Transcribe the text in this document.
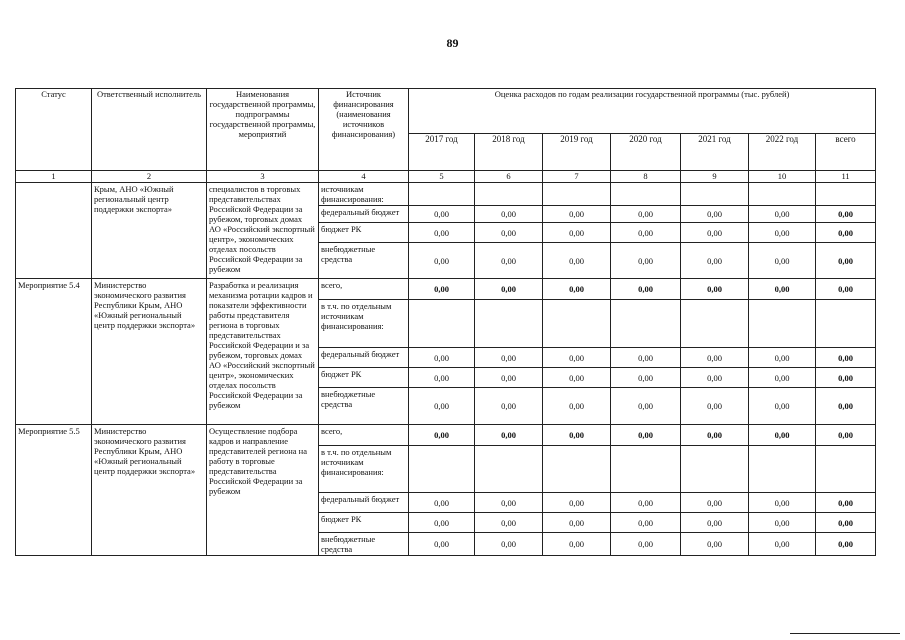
89
Статус	Ответственный исполнитель	Наименования государственной программы, подпрограммы государственной программы, мероприятий	Источник финансирования (наименования источников финансирования)	Оценка расходов по годам реализации государственной программы (тыс. рублей)						
				2017 год	2018 год	2019 год	2020 год	2021 год	2022 год	всего
1	2	3	4	5	6	7	8	9	10	11
	Крым, АНО «Южный региональный центр поддержки экспорта»	специалистов в торговых представительствах Российской Федерации за рубежом, торговых домах АО «Российский экспортный центр», экономических отделах посольств Российской Федерации за рубежом	источникам финансирования:							
			федеральный бюджет	0,00	0,00	0,00	0,00	0,00	0,00	0,00
			бюджет РК	0,00	0,00	0,00	0,00	0,00	0,00	0,00
			внебюджетные средства	0,00	0,00	0,00	0,00	0,00	0,00	0,00
Мероприятие 5.4	Министерство экономического развития Республики Крым, АНО «Южный региональный центр поддержки экспорта»	Разработка и реализация механизма ротации кадров и показатели эффективности работы представителя региона в торговых представительствах Российской Федерации и за рубежом, торговых домах АО «Российский экспортный центр», экономических отделах посольств Российской Федерации за рубежом	всего,	0,00	0,00	0,00	0,00	0,00	0,00	0,00
			в т.ч. по отдельным источникам финансирования:							
			федеральный бюджет	0,00	0,00	0,00	0,00	0,00	0,00	0,00
			бюджет РК	0,00	0,00	0,00	0,00	0,00	0,00	0,00
			внебюджетные средства	0,00	0,00	0,00	0,00	0,00	0,00	0,00
Мероприятие 5.5	Министерство экономического развития Республики Крым, АНО «Южный региональный центр поддержки экспорта»	Осуществление подбора кадров и направление представителей региона на работу в торговые представительства Российской Федерации за рубежом	всего,	0,00	0,00	0,00	0,00	0,00	0,00	0,00
			в т.ч. по отдельным источникам финансирования:							
			федеральный бюджет	0,00	0,00	0,00	0,00	0,00	0,00	0,00
			бюджет РК	0,00	0,00	0,00	0,00	0,00	0,00	0,00
			внебюджетные средства	0,00	0,00	0,00	0,00	0,00	0,00	0,00
